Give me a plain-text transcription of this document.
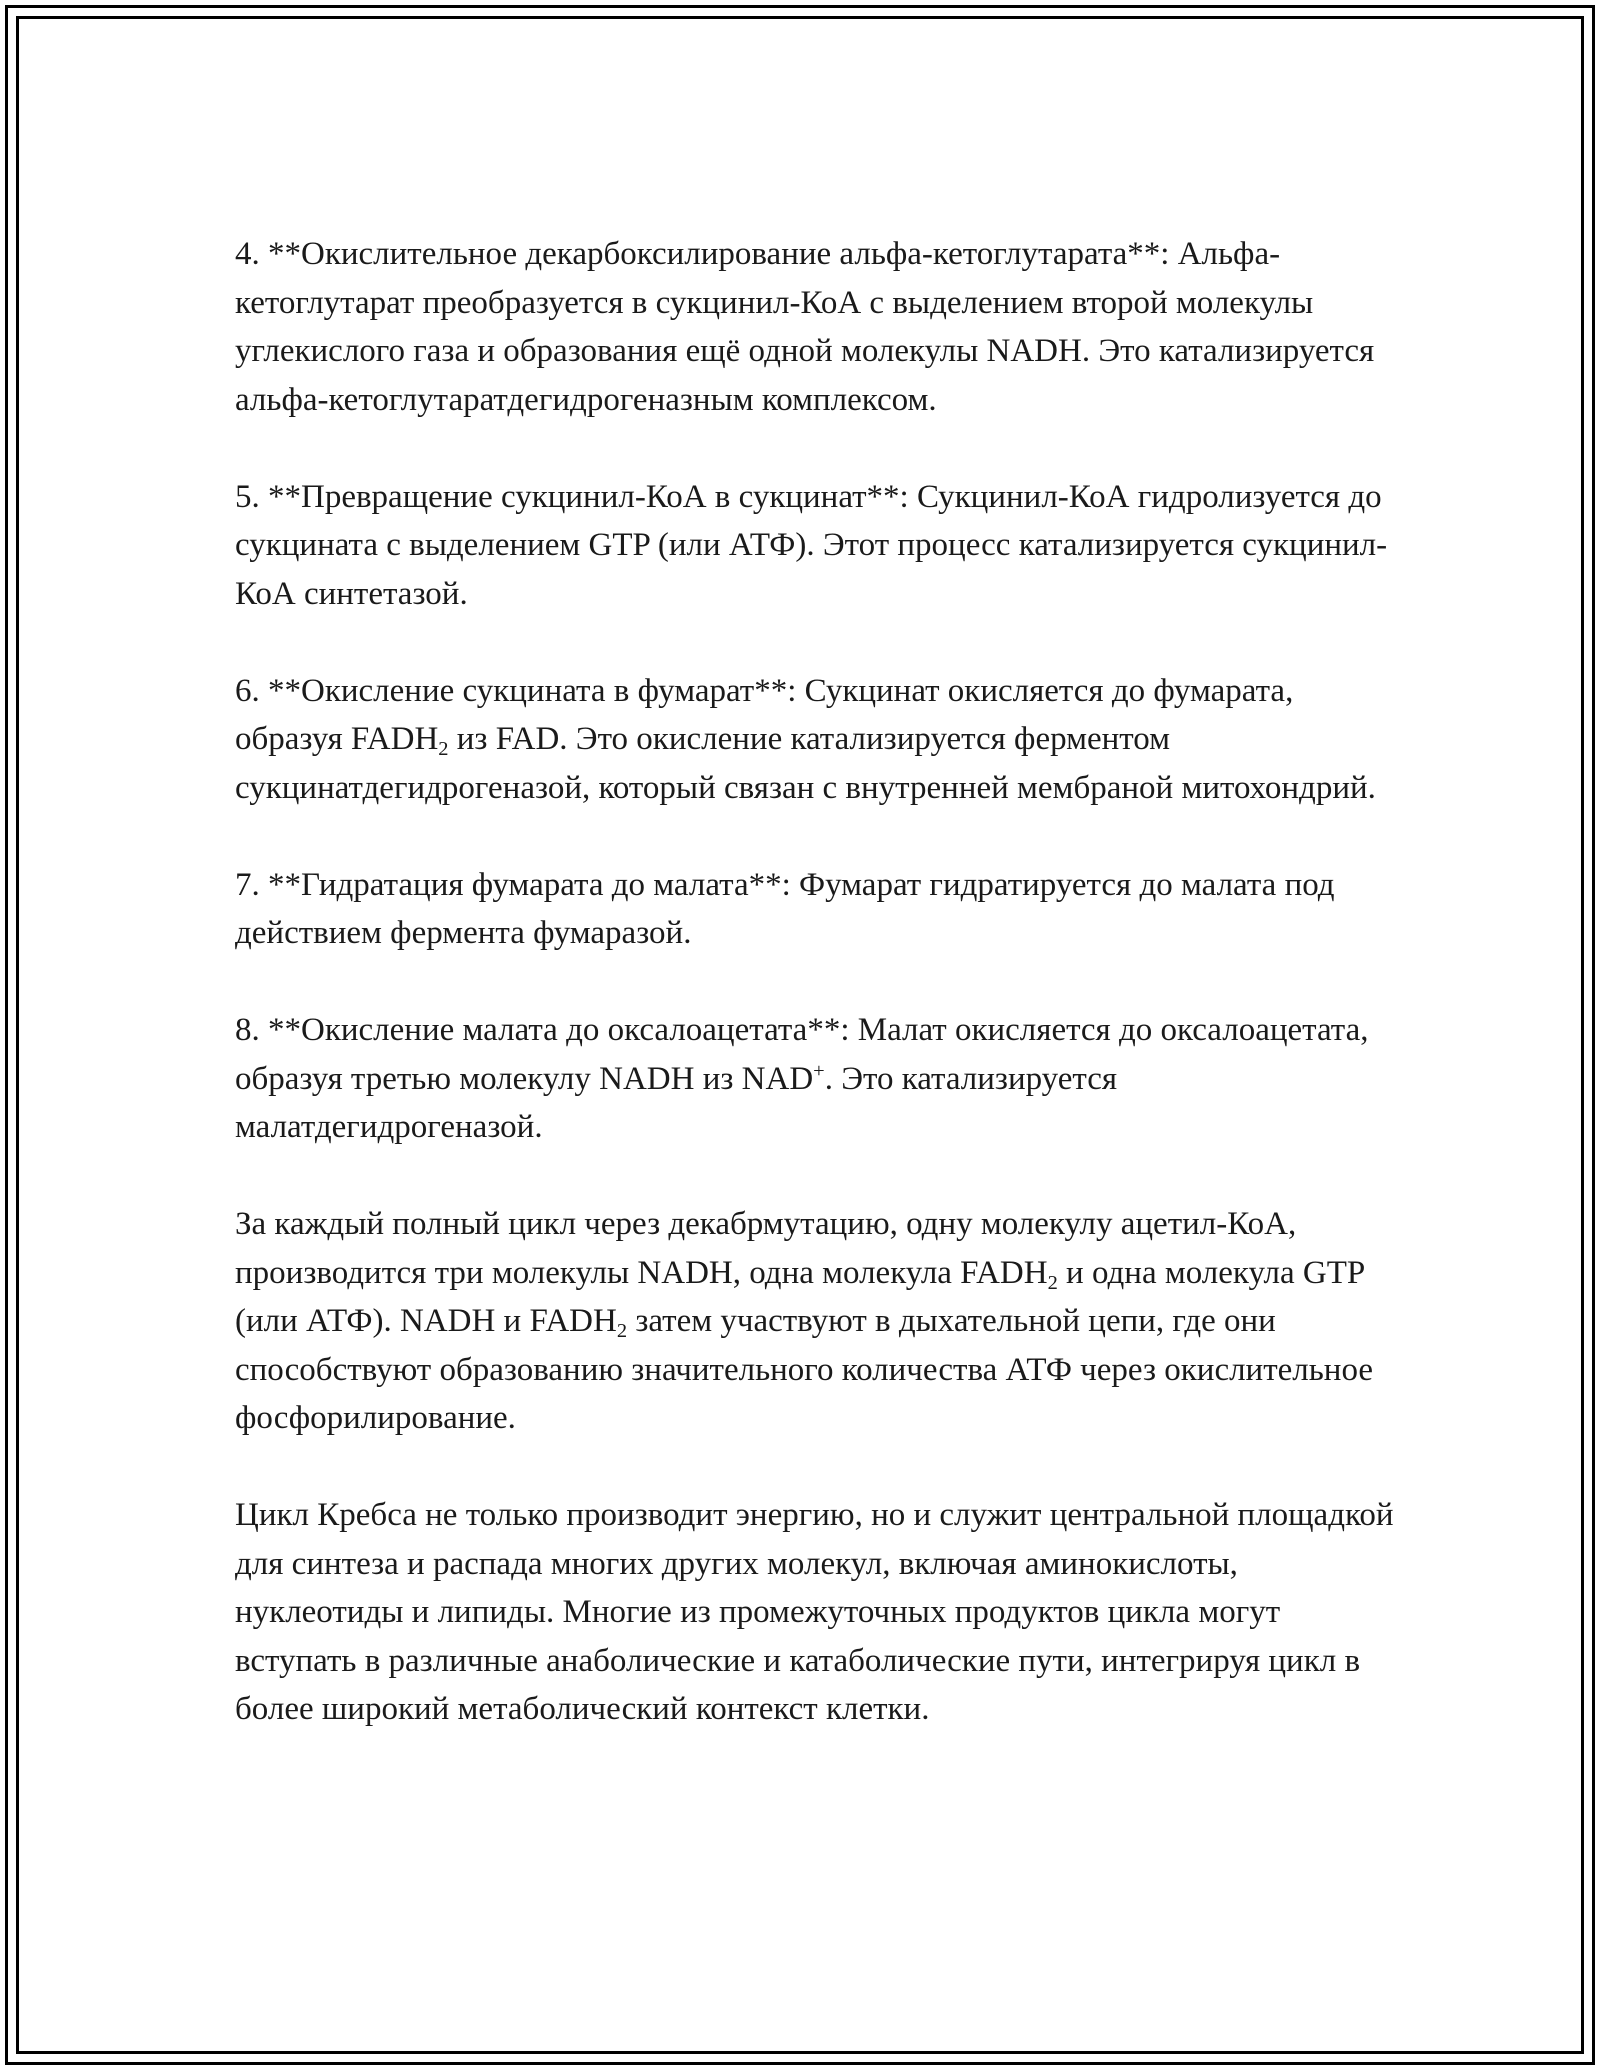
4. **Окислительное декарбоксилирование альфа-кетоглутарата**: Альфа-кетоглутарат преобразуется в сукцинил-КоА с выделением второй молекулы углекислого газа и образования ещё одной молекулы NADH. Это катализируется альфа-кетоглутаратдегидрогеназным комплексом.

5. **Превращение сукцинил-КоА в сукцинат**: Сукцинил-КоА гидролизуется до сукцината с выделением GTP (или АТФ). Этот процесс катализируется сукцинил-КоА синтетазой.

6. **Окисление сукцината в фумарат**: Сукцинат окисляется до фумарата, образуя $FADH_2$ из FAD. Это окисление катализируется ферментом сукцинатдегидрогеназой, который связан с внутренней мембраной митохондрий.

7. **Гидратация фумарата до малата**: Фумарат гидратируется до малата под действием фермента фумаразой.

8. **Окисление малата до оксалоацетата**: Малат окисляется до оксалоацетата, образуя третью молекулу NADH из NAD+. Это катализируется малатдегидрогеназой.

За каждый полный цикл через декабрмутацию, одну молекулу ацетил-КоА, производится три молекулы NADH, одна молекула $FADH_2$ и одна молекула GTP (или АТФ). NADH и $FADH_2$ затем участвуют в дыхательной цепи, где они способствуют образованию значительного количества АТФ через окислительное фосфорилирование.

Цикл Кребса не только производит энергию, но и служит центральной площадкой для синтеза и распада многих других молекул, включая аминокислоты, нуклеотиды и липиды. Многие из промежуточных продуктов цикла могут вступать в различные анаболические и катаболические пути, интегрируя цикл в более широкий метаболический контекст клетки.
